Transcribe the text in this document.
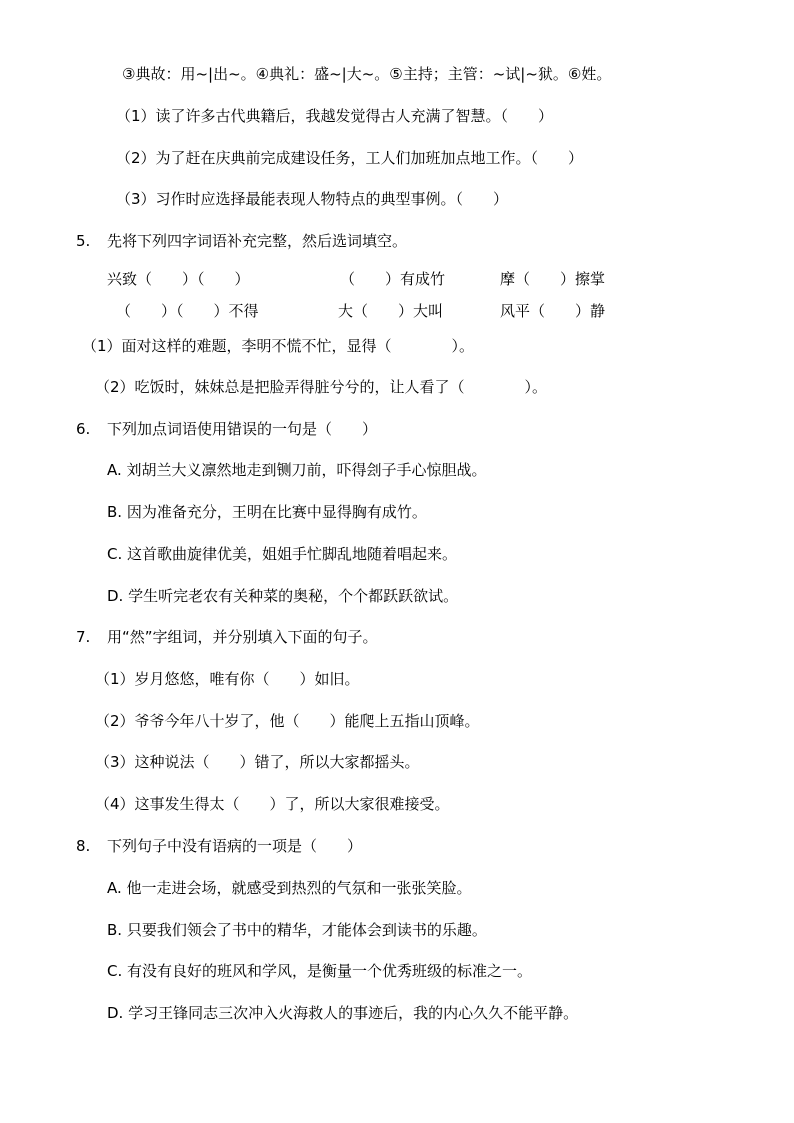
③典故：用~|出~。④典礼：盛~|大~。⑤主持；主管：~试|~狱。⑥姓。
（1）读了许多古代典籍后，我越发觉得古人充满了智慧。（　　）
（2）为了赶在庆典前完成建设任务，工人们加班加点地工作。（　　）
（3）习作时应选择最能表现人物特点的典型事例。（　　）
5. 先将下列四字词语补充完整，然后选词填空。
兴致（　　）（　　）	（　　）有成竹	摩（　　）擦掌
（　　）（　　）不得	大（　　）大叫	风平（　　）静
（1）面对这样的难题，李明不慌不忙，显得（　　　　）。
（2）吃饭时，妹妹总是把脸弄得脏兮兮的，让人看了（　　　　）。
6. 下列加点词语使用错误的一句是（　　）
A. 刘胡兰大义凛然地走到铡刀前，吓得刽子手心惊胆战。
B. 因为准备充分，王明在比赛中显得胸有成竹。
C. 这首歌曲旋律优美，姐姐手忙脚乱地随着唱起来。
D. 学生听完老农有关种菜的奥秘，个个都跃跃欲试。
7. 用“然”字组词，并分别填入下面的句子。
（1）岁月悠悠，唯有你（　　）如旧。
（2）爷爷今年八十岁了，他（　　）能爬上五指山顶峰。
（3）这种说法（　　）错了，所以大家都摇头。
（4）这事发生得太（　　）了，所以大家很难接受。
8. 下列句子中没有语病的一项是（　　）
A. 他一走进会场，就感受到热烈的气氛和一张张笑脸。
B. 只要我们领会了书中的精华，才能体会到读书的乐趣。
C. 有没有良好的班风和学风，是衡量一个优秀班级的标准之一。
D. 学习王锋同志三次冲入火海救人的事迹后，我的内心久久不能平静。
